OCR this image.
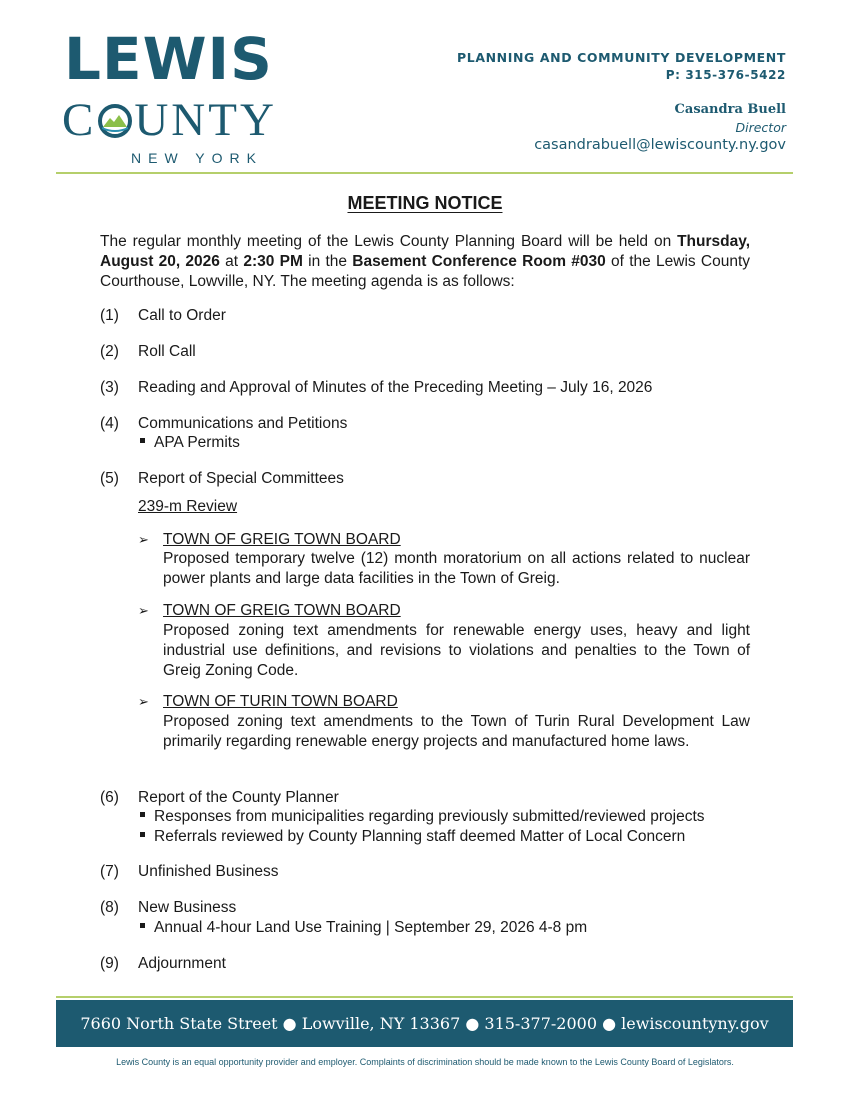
LEWIS
C UNTY
NEW YORK
PLANNING AND COMMUNITY DEVELOPMENT
P: 315-376-5422
Casandra Buell
Director
casandrabuell@lewiscounty.ny.gov
MEETING NOTICE
The regular monthly meeting of the Lewis County Planning Board will be held on Thursday, August 20, 2026 at 2:30 PM in the Basement Conference Room #030 of the Lewis County Courthouse, Lowville, NY. The meeting agenda is as follows:
(1) Call to Order
(2) Roll Call
(3) Reading and Approval of Minutes of the Preceding Meeting – July 16, 2026
(4) Communications and Petitions
APA Permits
(5) Report of Special Committees
239-m Review
➢ TOWN OF GREIG TOWN BOARD
Proposed temporary twelve (12) month moratorium on all actions related to nuclear power plants and large data facilities in the Town of Greig.
➢ TOWN OF GREIG TOWN BOARD
Proposed zoning text amendments for renewable energy uses, heavy and light industrial use definitions, and revisions to violations and penalties to the Town of Greig Zoning Code.
➢ TOWN OF TURIN TOWN BOARD
Proposed zoning text amendments to the Town of Turin Rural Development Law primarily regarding renewable energy projects and manufactured home laws.
(6) Report of the County Planner
Responses from municipalities regarding previously submitted/reviewed projects
Referrals reviewed by County Planning staff deemed Matter of Local Concern
(7) Unfinished Business
(8) New Business
Annual 4-hour Land Use Training | September 29, 2026 4-8 pm
(9) Adjournment
7660 North State Street ● Lowville, NY 13367 ● 315-377-2000 ● lewiscountyny.gov
Lewis County is an equal opportunity provider and employer. Complaints of discrimination should be made known to the Lewis County Board of Legislators.
